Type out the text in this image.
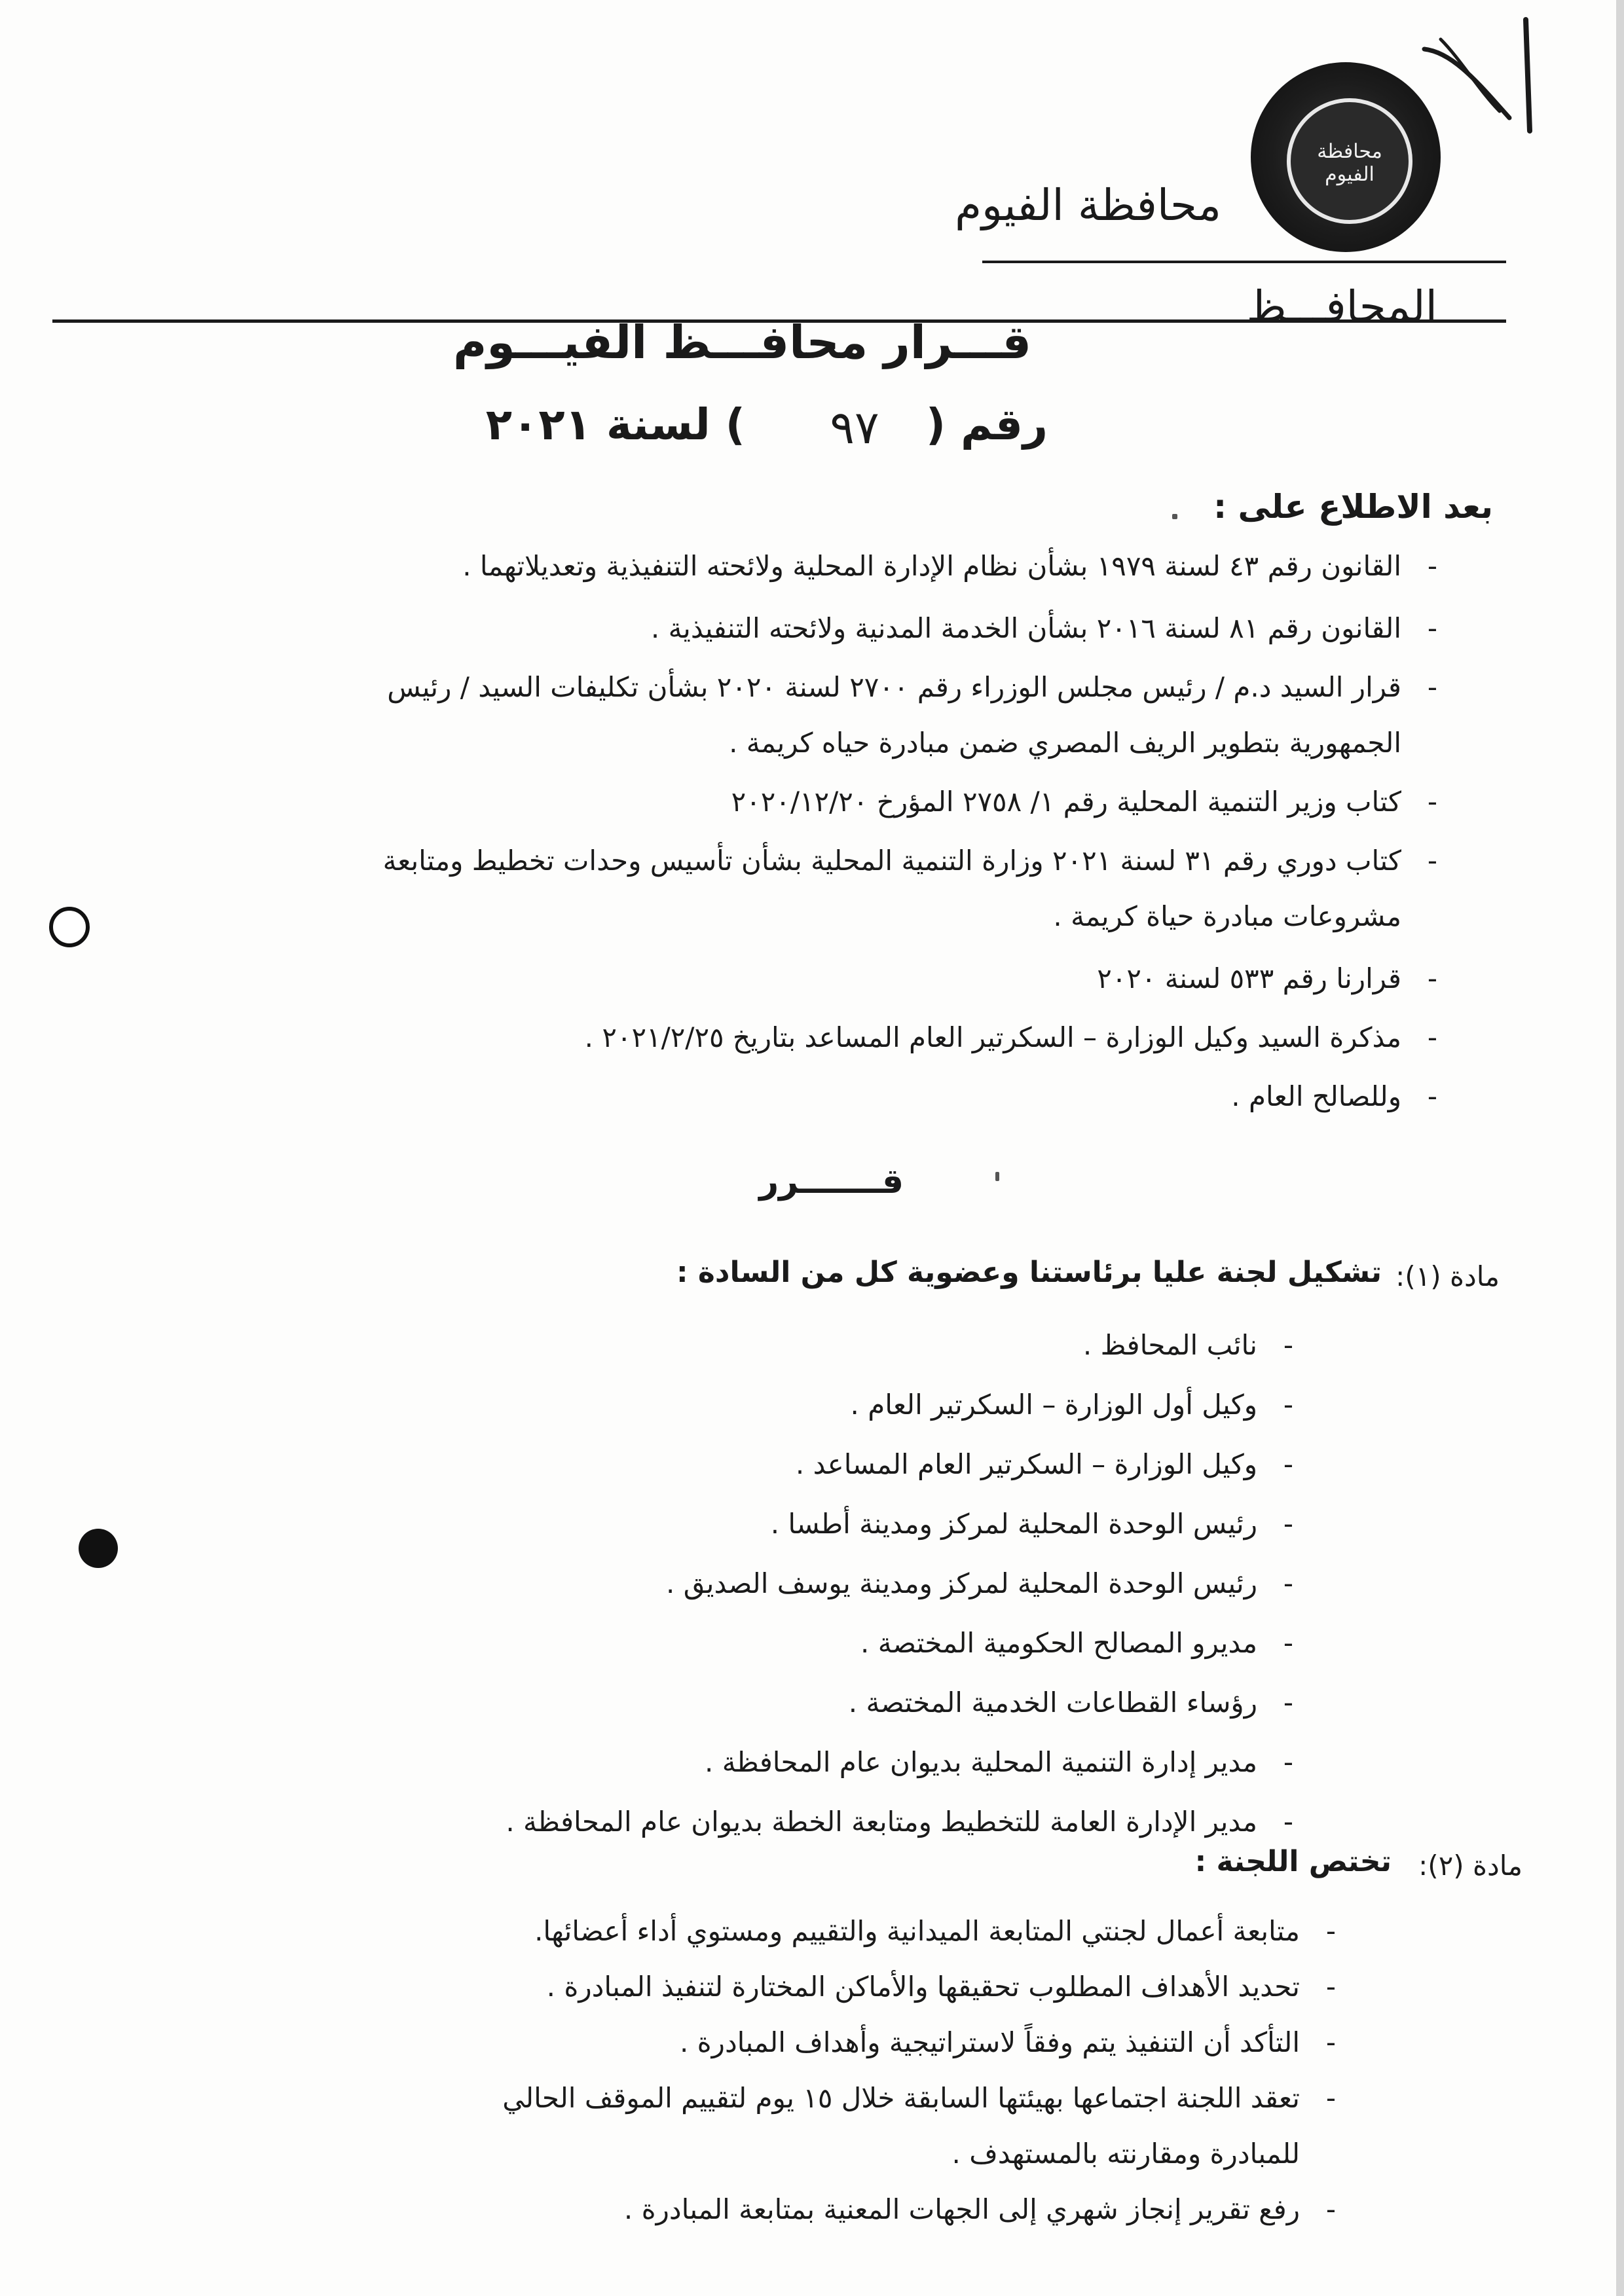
محافظة الفيوم
محافظة الفيوم
المحافـــظ
قـــرار محافـــظ الفيـــوم
رقم (  ) لسنة ٢٠٢١	٩٧
بعد الاطلاع على :
-
القانون رقم ٤٣ لسنة ١٩٧٩ بشأن نظام الإدارة المحلية ولائحته التنفيذية وتعديلاتهما .
-
القانون رقم ٨١ لسنة ٢٠١٦ بشأن الخدمة المدنية ولائحته التنفيذية .
-
قرار السيد د.م / رئيس مجلس الوزراء رقم ٢٧٠٠ لسنة ٢٠٢٠ بشأن تكليفات السيد / رئيس
الجمهورية بتطوير الريف المصري ضمن مبادرة حياه كريمة .
-
كتاب وزير التنمية المحلية رقم ١/ ٢٧٥٨ المؤرخ ٢٠٢٠/١٢/٢٠
-
كتاب دوري رقم ٣١ لسنة ٢٠٢١ وزارة التنمية المحلية بشأن تأسيس وحدات تخطيط ومتابعة
مشروعات مبادرة حياة كريمة .
-
قرارنا رقم ٥٣٣ لسنة ٢٠٢٠
-
مذكرة السيد وكيل الوزارة – السكرتير العام المساعد بتاريخ ٢٠٢١/٢/٢٥ .
-
وللصالح العام .
قـــــــرر
مادة (١):
تشكيل لجنة عليا برئاستنا وعضوية كل من السادة :
-
نائب المحافظ .
-
وكيل أول الوزارة – السكرتير العام .
-
وكيل الوزارة – السكرتير العام المساعد .
-
رئيس الوحدة المحلية لمركز ومدينة أطسا .
-
رئيس الوحدة المحلية لمركز ومدينة يوسف الصديق .
-
مديرو المصالح الحكومية المختصة .
-
رؤساء القطاعات الخدمية المختصة .
-
مدير إدارة التنمية المحلية بديوان عام المحافظة .
-
مدير الإدارة العامة للتخطيط ومتابعة الخطة بديوان عام المحافظة .
مادة (٢):
تختص اللجنة :
-
متابعة أعمال لجنتي المتابعة الميدانية والتقييم ومستوي أداء أعضائها.
-
تحديد الأهداف المطلوب تحقيقها والأماكن المختارة لتنفيذ المبادرة .
-
التأكد أن التنفيذ يتم وفقاً لاستراتيجية وأهداف المبادرة .
-
تعقد اللجنة اجتماعها بهيئتها السابقة خلال ١٥ يوم لتقييم الموقف الحالي
للمبادرة ومقارنته بالمستهدف .
-
رفع تقرير إنجاز شهري إلى الجهات المعنية بمتابعة المبادرة .
